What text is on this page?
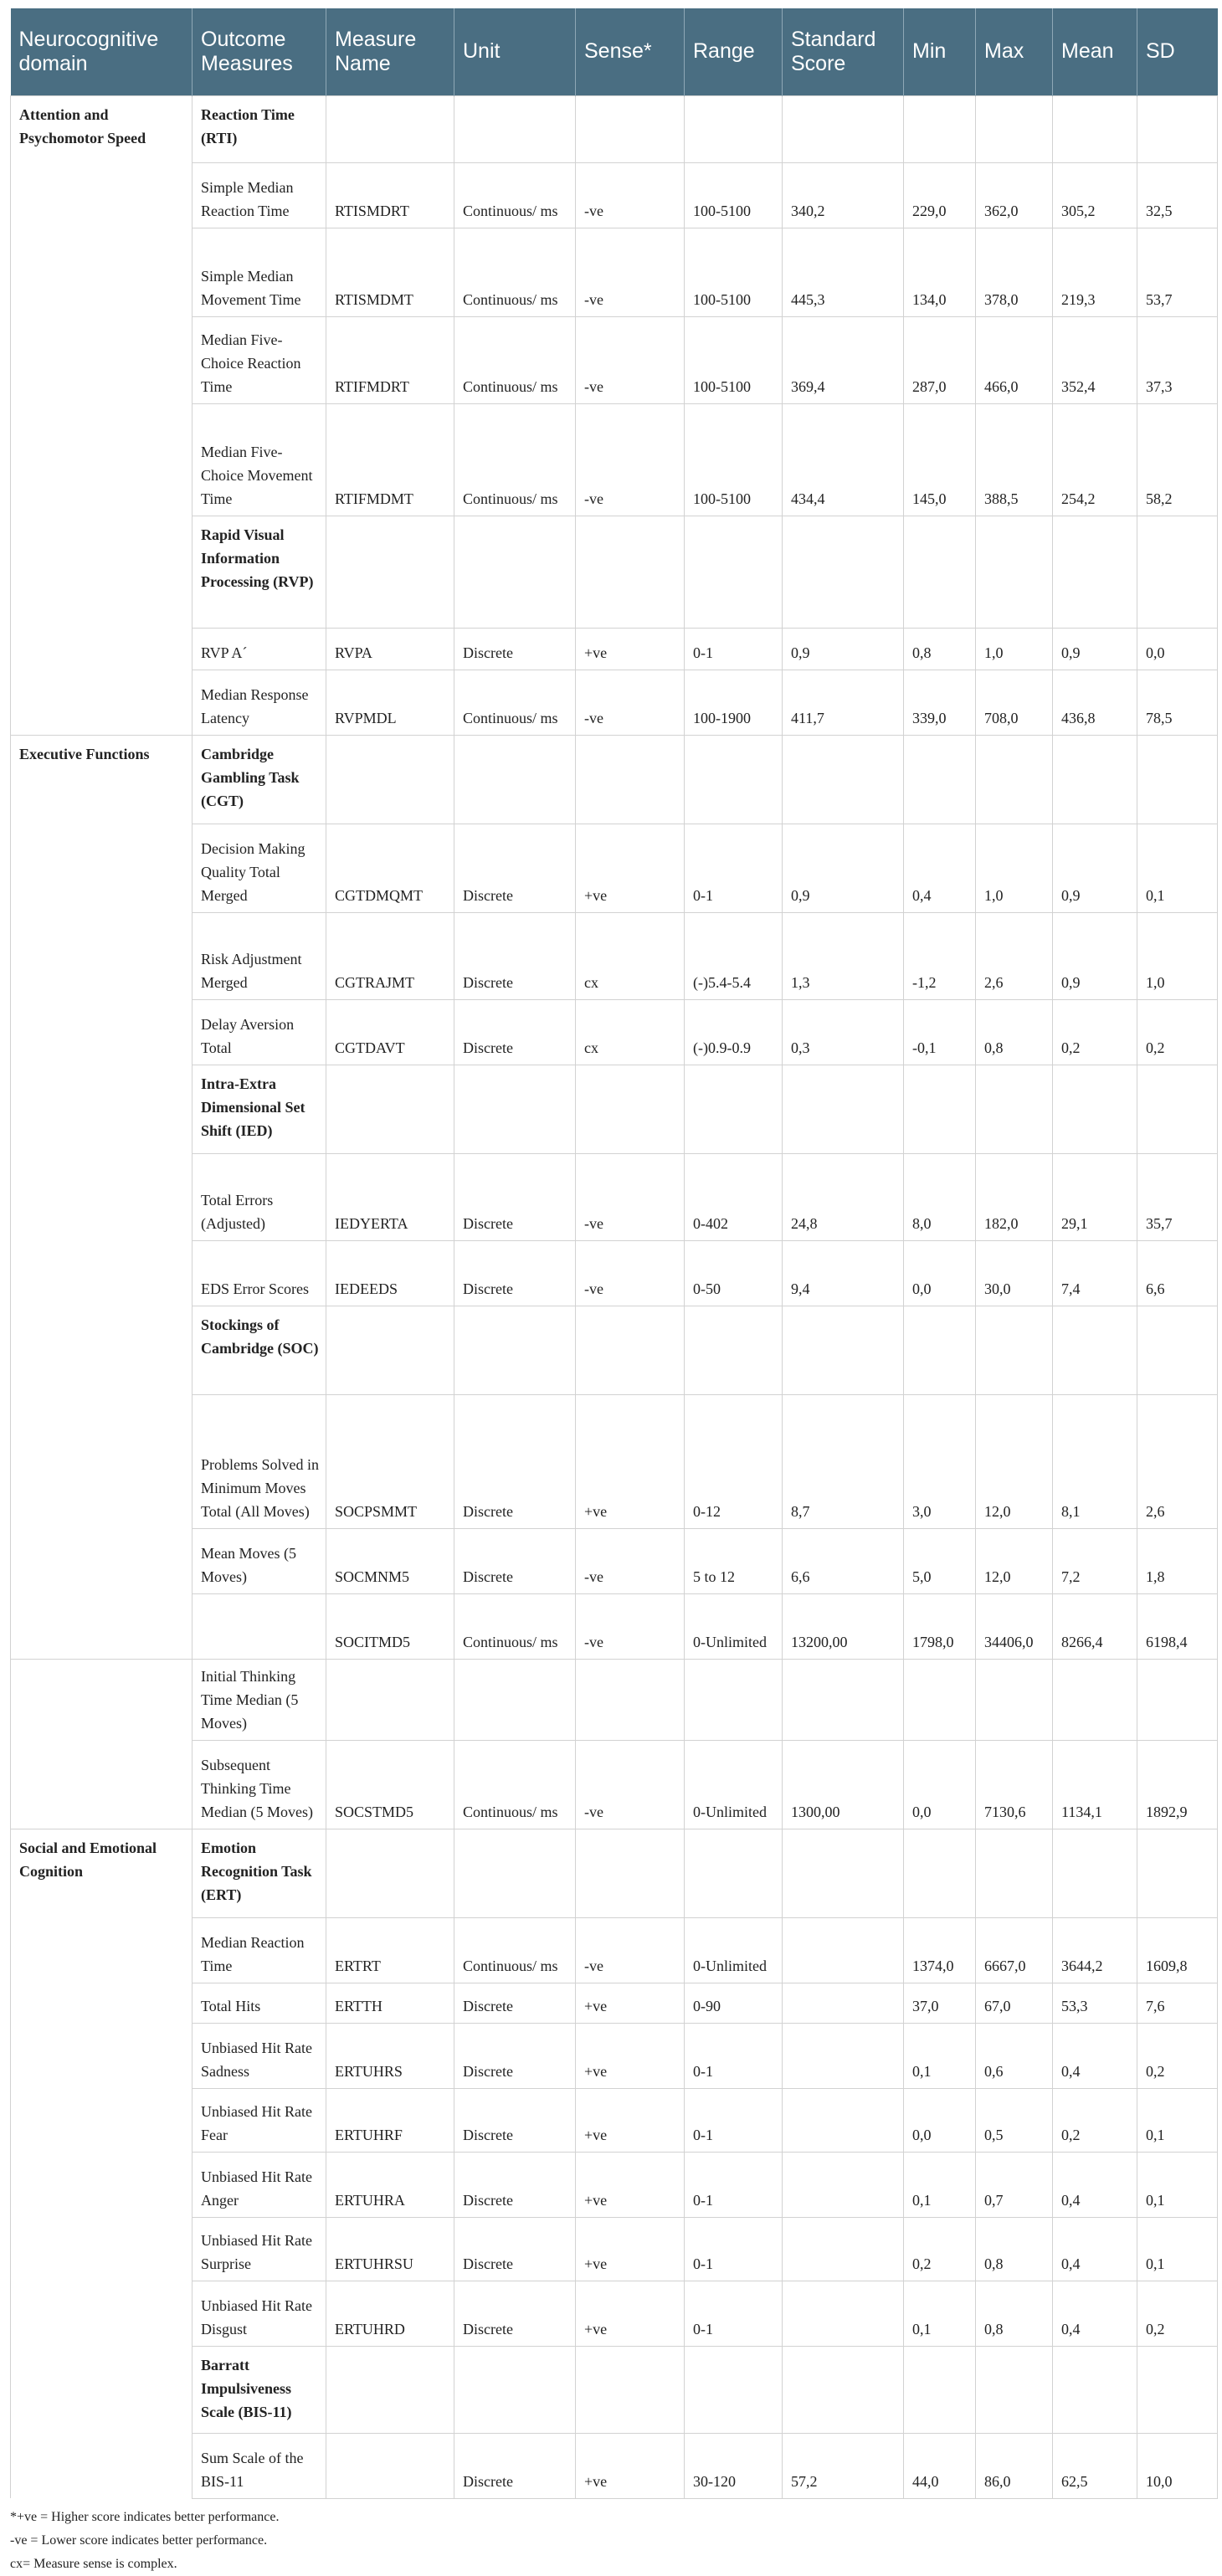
Neurocognitive domain	Outcome Measures	Measure Name	Unit	Sense*	Range	Standard Score	Min	Max	Mean	SD
Attention and Psychomotor Speed	Reaction Time (RTI)									
	Simple Median Reaction Time	RTISMDRT	Continuous/ ms	-ve	100-5100	340,2	229,0	362,0	305,2	32,5
	Simple Median Movement Time	RTISMDMT	Continuous/ ms	-ve	100-5100	445,3	134,0	378,0	219,3	53,7
	Median Five-Choice Reaction Time	RTIFMDRT	Continuous/ ms	-ve	100-5100	369,4	287,0	466,0	352,4	37,3
	Median Five-Choice Movement Time	RTIFMDMT	Continuous/ ms	-ve	100-5100	434,4	145,0	388,5	254,2	58,2
	Rapid Visual Information Processing (RVP)									
	RVP A´	RVPA	Discrete	+ve	0-1	0,9	0,8	1,0	0,9	0,0
	Median Response Latency	RVPMDL	Continuous/ ms	-ve	100-1900	411,7	339,0	708,0	436,8	78,5
Executive Functions	Cambridge Gambling Task (CGT)									
	Decision Making Quality Total Merged	CGTDMQMT	Discrete	+ve	0-1	0,9	0,4	1,0	0,9	0,1
	Risk Adjustment Merged	CGTRAJMT	Discrete	cx	(-)5.4-5.4	1,3	-1,2	2,6	0,9	1,0
	Delay Aversion Total	CGTDAVT	Discrete	cx	(-)0.9-0.9	0,3	-0,1	0,8	0,2	0,2
	Intra-Extra Dimensional Set Shift (IED)									
	Total Errors (Adjusted)	IEDYERTA	Discrete	-ve	0-402	24,8	8,0	182,0	29,1	35,7
	EDS Error Scores	IEDEEDS	Discrete	-ve	0-50	9,4	0,0	30,0	7,4	6,6
	Stockings of Cambridge (SOC)									
	Problems Solved in Minimum Moves Total (All Moves)	SOCPSMMT	Discrete	+ve	0-12	8,7	3,0	12,0	8,1	2,6
	Mean Moves (5 Moves)	SOCMNM5	Discrete	-ve	5 to 12	6,6	5,0	12,0	7,2	1,8
		SOCITMD5	Continuous/ ms	-ve	0-Unlimited	13200,00	1798,0	34406,0	8266,4	6198,4
	Initial Thinking Time Median (5 Moves)									
	Subsequent Thinking Time Median (5 Moves)	SOCSTMD5	Continuous/ ms	-ve	0-Unlimited	1300,00	0,0	7130,6	1134,1	1892,9
Social and Emotional Cognition	Emotion Recognition Task (ERT)									
	Median Reaction Time	ERTRT	Continuous/ ms	-ve	0-Unlimited		1374,0	6667,0	3644,2	1609,8
	Total Hits	ERTTH	Discrete	+ve	0-90		37,0	67,0	53,3	7,6
	Unbiased Hit Rate Sadness	ERTUHRS	Discrete	+ve	0-1		0,1	0,6	0,4	0,2
	Unbiased Hit Rate Fear	ERTUHRF	Discrete	+ve	0-1		0,0	0,5	0,2	0,1
	Unbiased Hit Rate Anger	ERTUHRA	Discrete	+ve	0-1		0,1	0,7	0,4	0,1
	Unbiased Hit Rate Surprise	ERTUHRSU	Discrete	+ve	0-1		0,2	0,8	0,4	0,1
	Unbiased Hit Rate Disgust	ERTUHRD	Discrete	+ve	0-1		0,1	0,8	0,4	0,2
	Barratt Impulsiveness Scale (BIS-11)									
	Sum Scale of the BIS-11		Discrete	+ve	30-120	57,2	44,0	86,0	62,5	10,0
*+ve = Higher score indicates better performance.
-ve = Lower score indicates better performance.
cx= Measure sense is complex.
